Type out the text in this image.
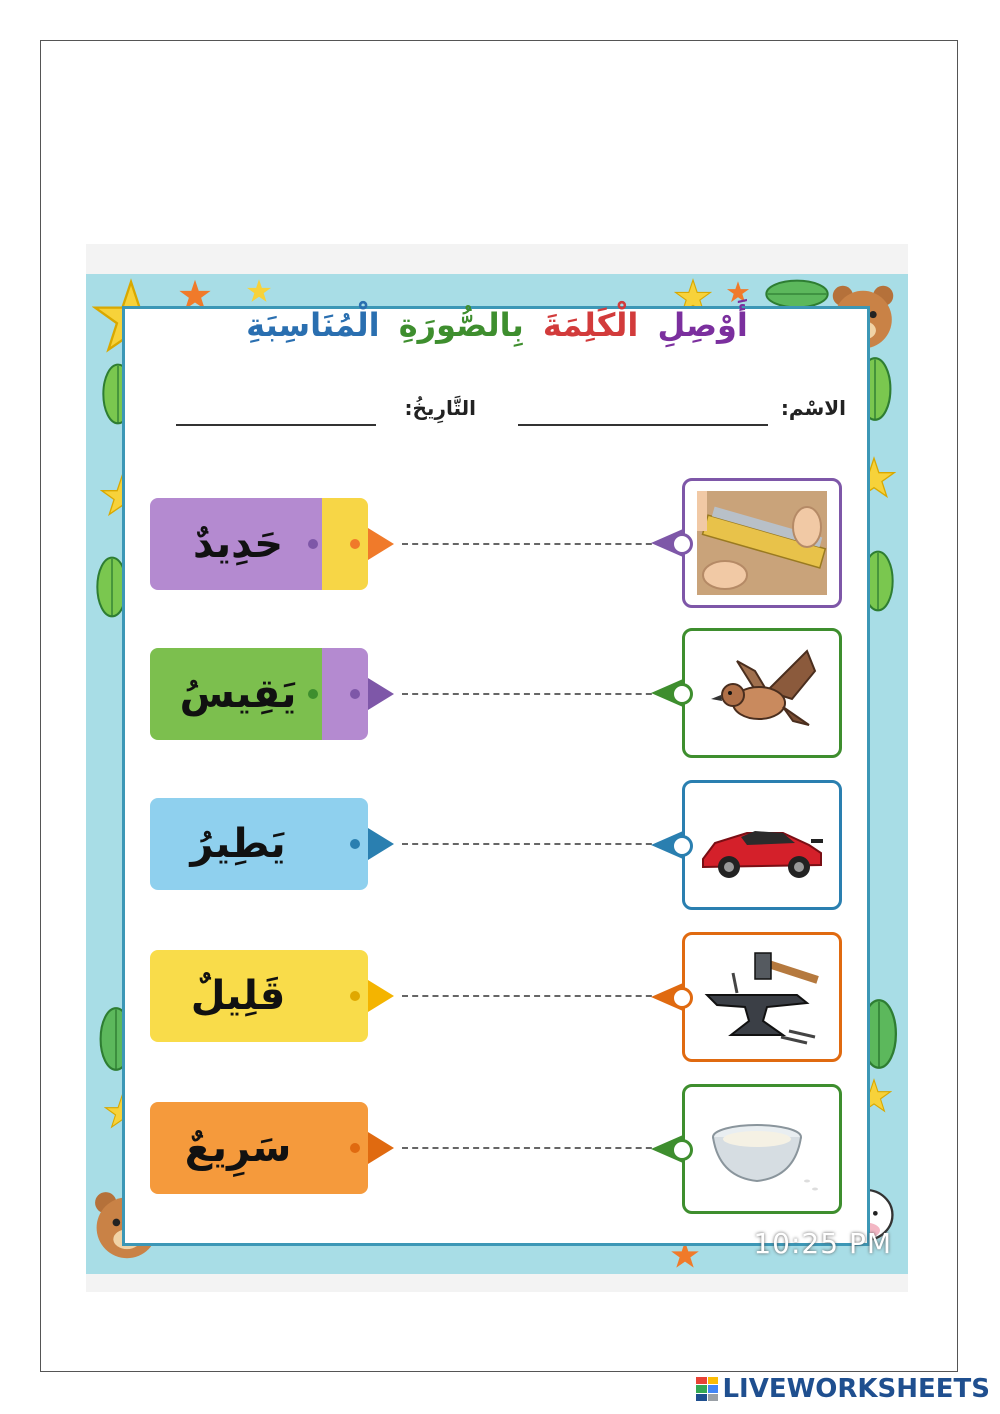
أَوْصِلِ الْكَلِمَةَ بِالصُّورَةِ الْمُنَاسِبَةِ
الاسْم:
التَّارِيخُ:
حَدِيدٌ
يَقِيسُ
يَطِيرُ
قَلِيلٌ
سَرِيعٌ
10:25 PM
LIVEWORKSHEETS
